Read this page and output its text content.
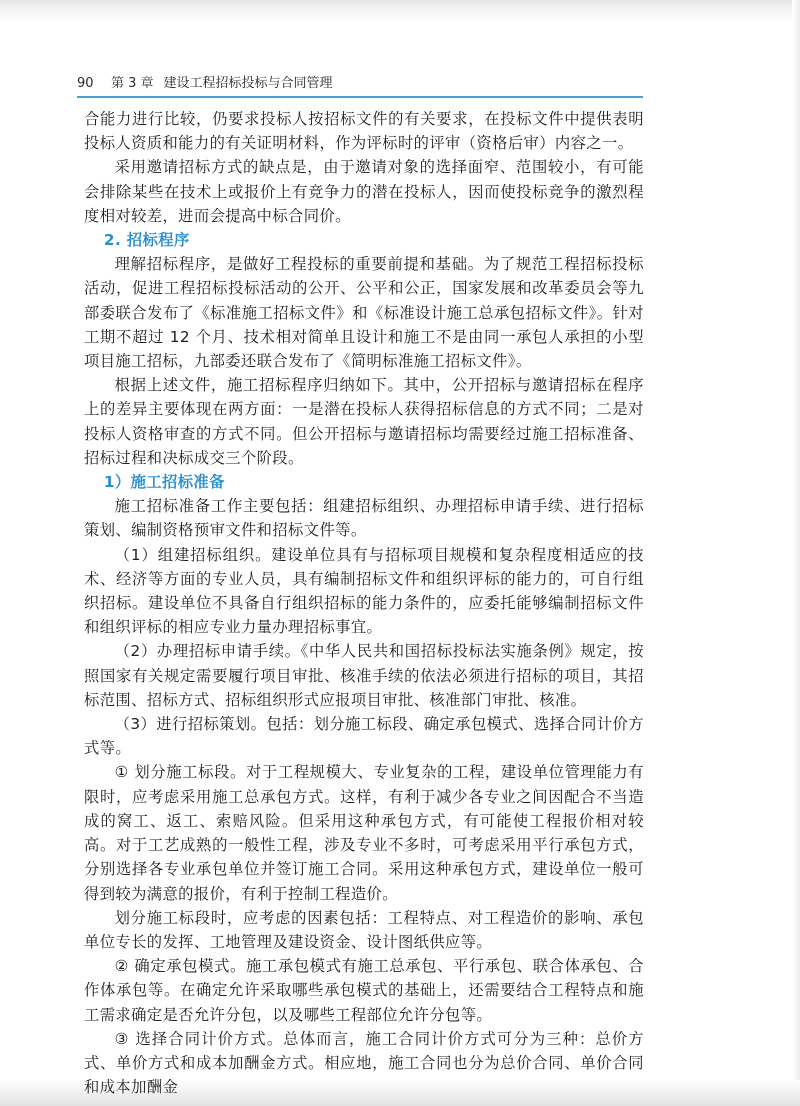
90 第 3 章 建设工程招标投标与合同管理

合能力进行比较，仍要求投标人按招标文件的有关要求，在投标文件中提供表明投标人资质和能力的有关证明材料，作为评标时的评审（资格后审）内容之一。

采用邀请招标方式的缺点是，由于邀请对象的选择面窄、范围较小，有可能会排除某些在技术上或报价上有竞争力的潜在投标人，因而使投标竞争的激烈程度相对较差，进而会提高中标合同价。

2. 招标程序

理解招标程序，是做好工程投标的重要前提和基础。为了规范工程招标投标活动，促进工程招标投标活动的公开、公平和公正，国家发展和改革委员会等九部委联合发布了《标准施工招标文件》和《标准设计施工总承包招标文件》。针对工期不超过 12 个月、技术相对简单且设计和施工不是由同一承包人承担的小型项目施工招标，九部委还联合发布了《简明标准施工招标文件》。

根据上述文件，施工招标程序归纳如下。其中，公开招标与邀请招标在程序上的差异主要体现在两方面：一是潜在投标人获得招标信息的方式不同；二是对投标人资格审查的方式不同。但公开招标与邀请招标均需要经过施工招标准备、招标过程和决标成交三个阶段。

1）施工招标准备

施工招标准备工作主要包括：组建招标组织、办理招标申请手续、进行招标策划、编制资格预审文件和招标文件等。

（1）组建招标组织。建设单位具有与招标项目规模和复杂程度相适应的技术、经济等方面的专业人员，具有编制招标文件和组织评标的能力的，可自行组织招标。建设单位不具备自行组织招标的能力条件的，应委托能够编制招标文件和组织评标的相应专业力量办理招标事宜。

（2）办理招标申请手续。《中华人民共和国招标投标法实施条例》规定，按照国家有关规定需要履行项目审批、核准手续的依法必须进行招标的项目，其招标范围、招标方式、招标组织形式应报项目审批、核准部门审批、核准。

（3）进行招标策划。包括：划分施工标段、确定承包模式、选择合同计价方式等。

① 划分施工标段。对于工程规模大、专业复杂的工程，建设单位管理能力有限时，应考虑采用施工总承包方式。这样，有利于减少各专业之间因配合不当造成的窝工、返工、索赔风险。但采用这种承包方式，有可能使工程报价相对较高。对于工艺成熟的一般性工程，涉及专业不多时，可考虑采用平行承包方式，分别选择各专业承包单位并签订施工合同。采用这种承包方式，建设单位一般可得到较为满意的报价，有利于控制工程造价。

划分施工标段时，应考虑的因素包括：工程特点、对工程造价的影响、承包单位专长的发挥、工地管理及建设资金、设计图纸供应等。

② 确定承包模式。施工承包模式有施工总承包、平行承包、联合体承包、合作体承包等。在确定允许采取哪些承包模式的基础上，还需要结合工程特点和施工需求确定是否允许分包，以及哪些工程部位允许分包等。

③ 选择合同计价方式。总体而言，施工合同计价方式可分为三种：总价方式、单价方式和成本加酬金方式。相应地，施工合同也分为总价合同、单价合同和成本加酬金
